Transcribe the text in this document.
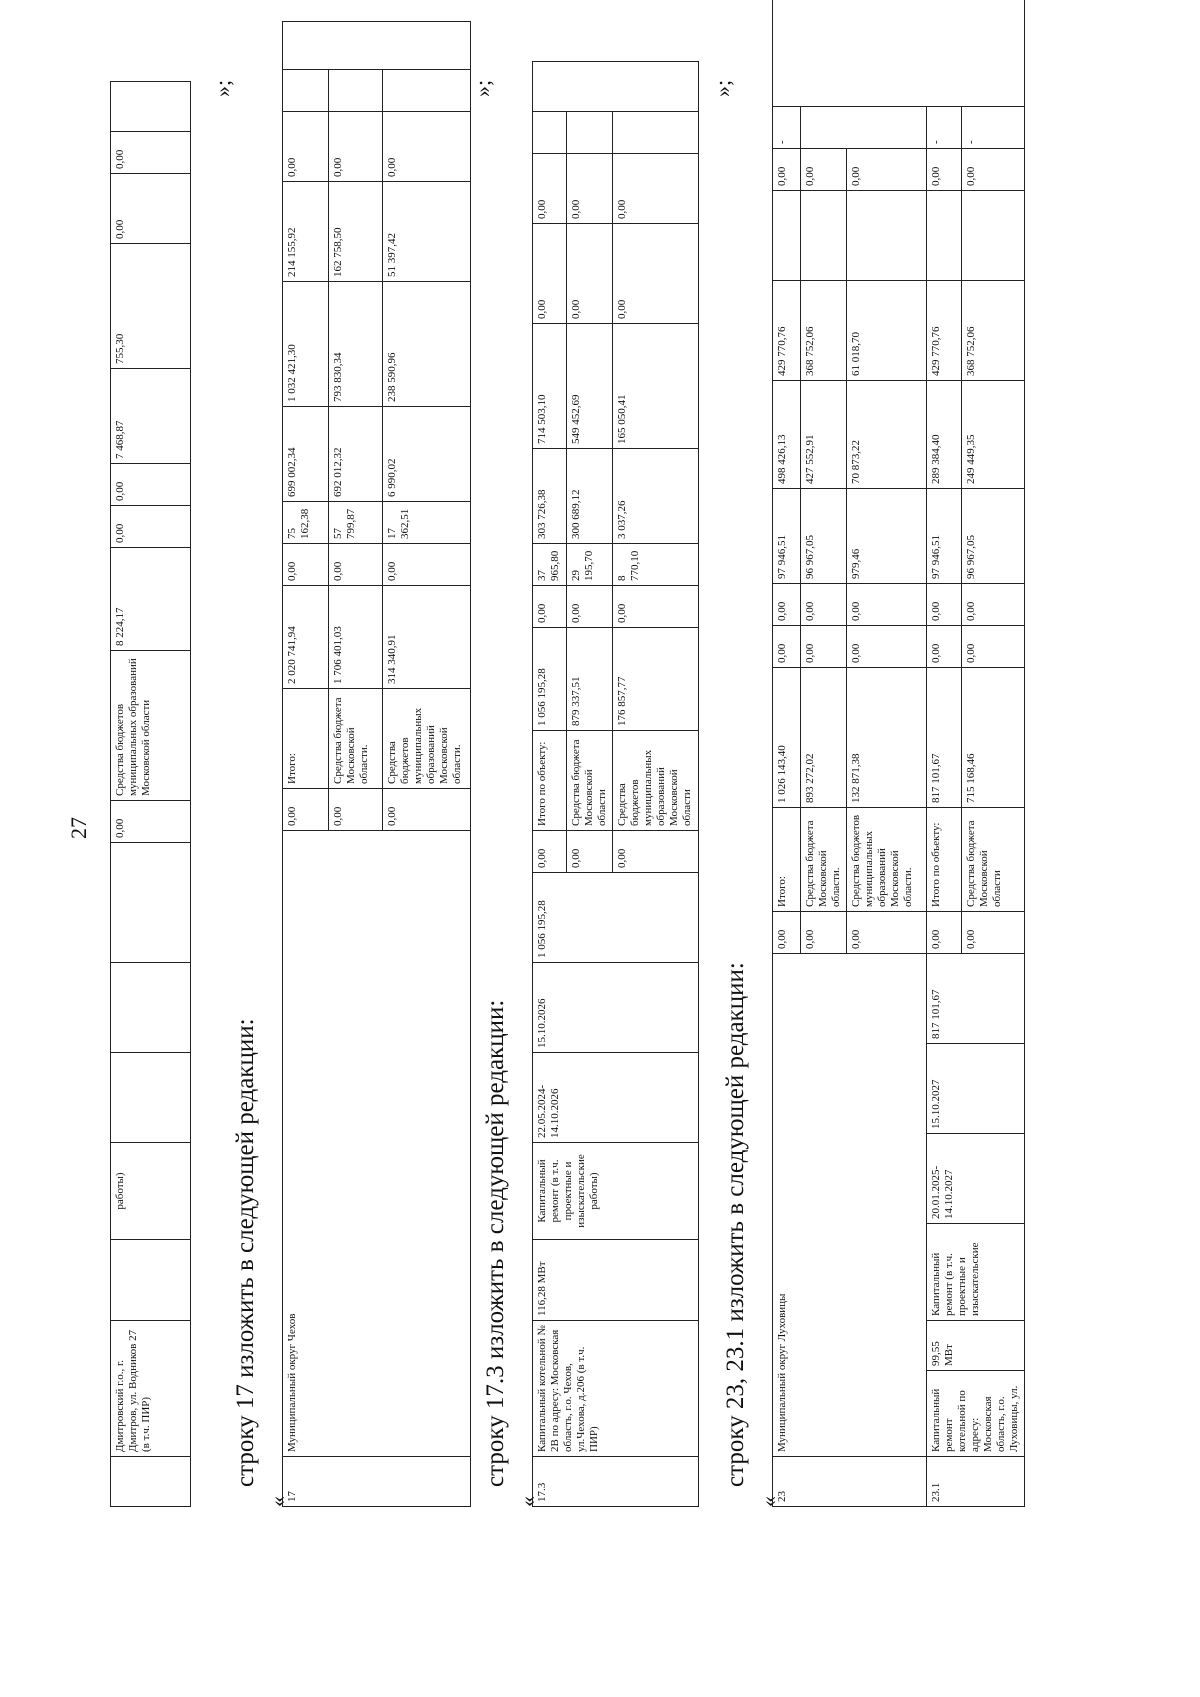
27
	Дмитровский г.о., г. Дмитров, ул. Водников 27 (в т.ч. ПИР)		работы)				0,00	Средства бюджетов муниципальных образований Московской области	8 224,17	0,00	0,00	7 468,87	755,30	0,00	0,00	
»;
строку 17 изложить в следующей редакции:
«
17	Муниципальный округ Чехов	0,00	Итого:	2 020 741,94	0,00	75 162,38	699 002,34	1 032 421,30	214 155,92	0,00		
		0,00	Средства бюджета Московской области.	1 706 401,03	0,00	57 799,87	692 012,32	793 830,34	162 758,50	0,00		
		0,00	Средства бюджетов муниципальных образований Московской области.	314 340,91	0,00	17 362,51	6 990,02	238 590,96	51 397,42	0,00		
»;
строку 17.3 изложить в следующей редакции:
«
17.3	Капитальный котельной № 2В по адресу: Московская область, г.о. Чехов, ул.Чехова, д.206 (в т.ч. ПИР)	116,28 МВт	Капитальный ремонт (в т.ч. проектные и изыскательские работы)	22.05.2024-14.10.2026	15.10.2026	1 056 195,28	0,00	Итого по объекту:	1 056 195,28	0,00	37 965,80	303 726,38	714 503,10	0,00	0,00		
							0,00	Средства бюджета Московской области	879 337,51	0,00	29 195,70	300 689,12	549 452,69	0,00	0,00		
							0,00	Средства бюджетов муниципальных образований Московской области	176 857,77	0,00	8 770,10	3 037,26	165 050,41	0,00	0,00		
»;
строку 23, 23.1 изложить в следующей редакции:
«
23	Муниципальный округ Луховицы						0,00	Итого:	1 026 143,40	0,00	0,00	97 946,51	498 426,13	429 770,76		0,00	-	
							0,00	Средства бюджета Московской области.	893 272,02	0,00	0,00	96 967,05	427 552,91	368 752,06		0,00		
							0,00	Средства бюджетов муниципальных образований Московской области.	132 871,38	0,00	0,00	979,46	70 873,22	61 018,70		0,00		
23.1	Капитальный ремонт котельной по адресу: Московская область, г.о. Луховицы, ул.	99,55 МВт	Капитальный ремонт (в т.ч. проектные и изыскательские	20.01.2025-14.10.2027	15.10.2027	817 101,67	0,00	Итого по объекту:	817 101,67	0,00	0,00	97 946,51	289 384,40	429 770,76		0,00	-	
							0,00	Средства бюджета Московской области	715 168,46	0,00	0,00	96 967,05	249 449,35	368 752,06		0,00	-	
